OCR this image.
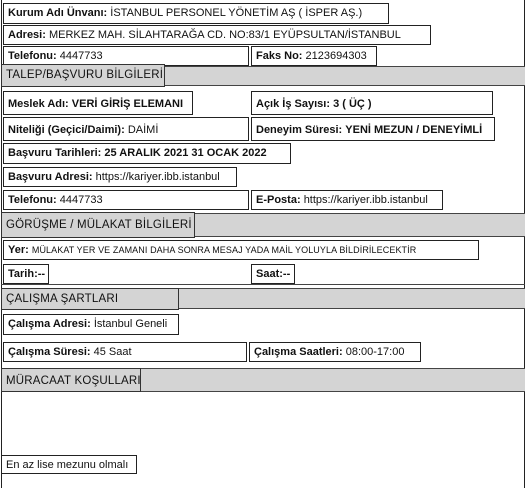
Kurum Adı Ünvanı: İSTANBUL PERSONEL YÖNETİM AŞ ( İSPER AŞ.)
Adresi: MERKEZ MAH. SİLAHTARAĞA CD. NO:83/1 EYÜPSULTAN/İSTANBUL
Telefonu: 4447733	Faks No: 2123694303
TALEP/BAŞVURU BİLGİLERİ
Meslek Adı: VERİ GİRİŞ ELEMANI	Açık İş Sayısı: 3 ( ÜÇ )
Niteliği (Geçici/Daimi): DAİMİ	Deneyim Süresi: YENİ MEZUN / DENEYİMLİ
Başvuru Tarihleri: 25 ARALIK 2021 31 OCAK 2022
Başvuru Adresi: https://kariyer.ibb.istanbul
Telefonu: 4447733	E-Posta: https://kariyer.ibb.istanbul
GÖRÜŞME / MÜLAKAT BİLGİLERİ
Yer: MÜLAKAT YER VE ZAMANI DAHA SONRA MESAJ YADA MAİL YOLUYLA BİLDİRİLECEKTİR
Tarih:--	Saat:--
ÇALIŞMA ŞARTLARI
Çalışma Adresi: İstanbul Geneli
Çalışma Süresi: 45 Saat	Çalışma Saatleri: 08:00-17:00
MÜRACAAT KOŞULLARI
En az lise mezunu olmalı
